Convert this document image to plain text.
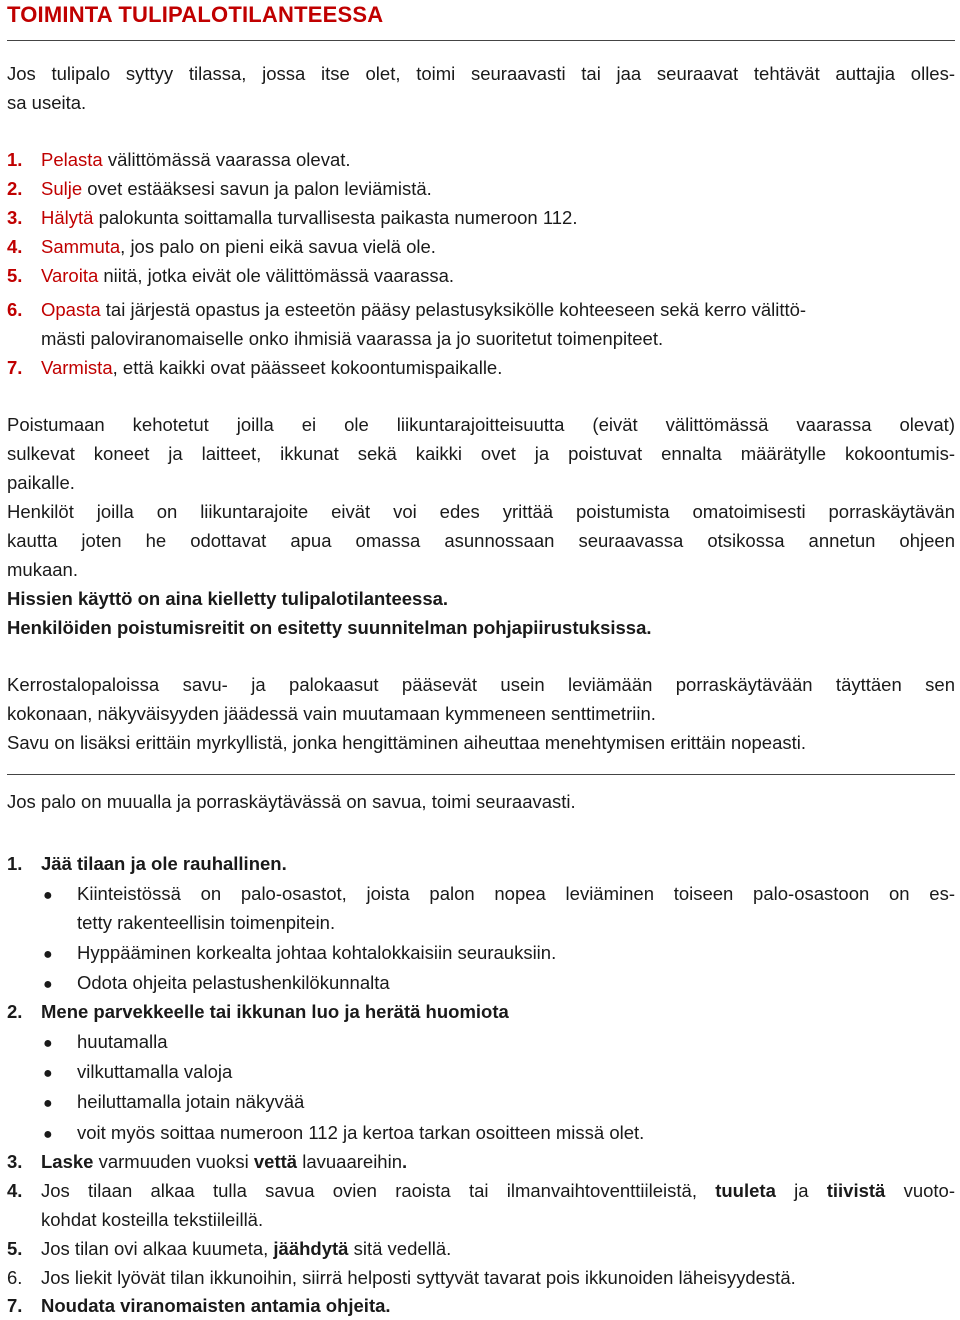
TOIMINTA TULIPALOTILANTEESSA
Jos tulipalo syttyy tilassa, jossa itse olet, toimi seuraavasti tai jaa seuraavat tehtävät auttajia olles-
sa useita.
1. Pelasta välittömässä vaarassa olevat.
2. Sulje ovet estääksesi savun ja palon leviämistä.
3. Hälytä palokunta soittamalla turvallisesta paikasta numeroon 112.
4. Sammuta, jos palo on pieni eikä savua vielä ole.
5. Varoita niitä, jotka eivät ole välittömässä vaarassa.
6. Opasta tai järjestä opastus ja esteetön pääsy pelastusyksikölle kohteeseen sekä kerro välittö-
mästi paloviranomaiselle onko ihmisiä vaarassa ja jo suoritetut toimenpiteet.
7. Varmista, että kaikki ovat päässeet kokoontumispaikalle.
Poistumaan kehotetut joilla ei ole liikuntarajoitteisuutta (eivät välittömässä vaarassa olevat)
sulkevat koneet ja laitteet, ikkunat sekä kaikki ovet ja poistuvat ennalta määrätylle kokoontumis-
paikalle.
Henkilöt joilla on liikuntarajoite eivät voi edes yrittää poistumista omatoimisesti porraskäytävän
kautta joten he odottavat apua omassa asunnossaan seuraavassa otsikossa annetun ohjeen
mukaan.
Hissien käyttö on aina kielletty tulipalotilanteessa.
Henkilöiden poistumisreitit on esitetty suunnitelman pohjapiirustuksissa.
Kerrostalopaloissa savu- ja palokaasut pääsevät usein leviämään porraskäytävään täyttäen sen
kokonaan, näkyväisyyden jäädessä vain muutamaan kymmeneen senttimetriin.
Savu on lisäksi erittäin myrkyllistä, jonka hengittäminen aiheuttaa menehtymisen erittäin nopeasti.
Jos palo on muualla ja porraskäytävässä on savua, toimi seuraavasti.
1. Jää tilaan ja ole rauhallinen.
● Kiinteistössä on palo-osastot, joista palon nopea leviäminen toiseen palo-osastoon on es-
tetty rakenteellisin toimenpitein.
● Hyppääminen korkealta johtaa kohtalokkaisiin seurauksiin.
● Odota ohjeita pelastushenkilökunnalta
2. Mene parvekkeelle tai ikkunan luo ja herätä huomiota
● huutamalla
● vilkuttamalla valoja
● heiluttamalla jotain näkyvää
● voit myös soittaa numeroon 112 ja kertoa tarkan osoitteen missä olet.
3. Laske varmuuden vuoksi vettä lavuaareihin.
4. Jos tilaan alkaa tulla savua ovien raoista tai ilmanvaihtoventtiileistä, tuuleta ja tiivistä vuoto-
kohdat kosteilla tekstiileillä.
5. Jos tilan ovi alkaa kuumeta, jäähdytä sitä vedellä.
6. Jos liekit lyövät tilan ikkunoihin, siirrä helposti syttyvät tavarat pois ikkunoiden läheisyydestä.
7. Noudata viranomaisten antamia ohjeita.
